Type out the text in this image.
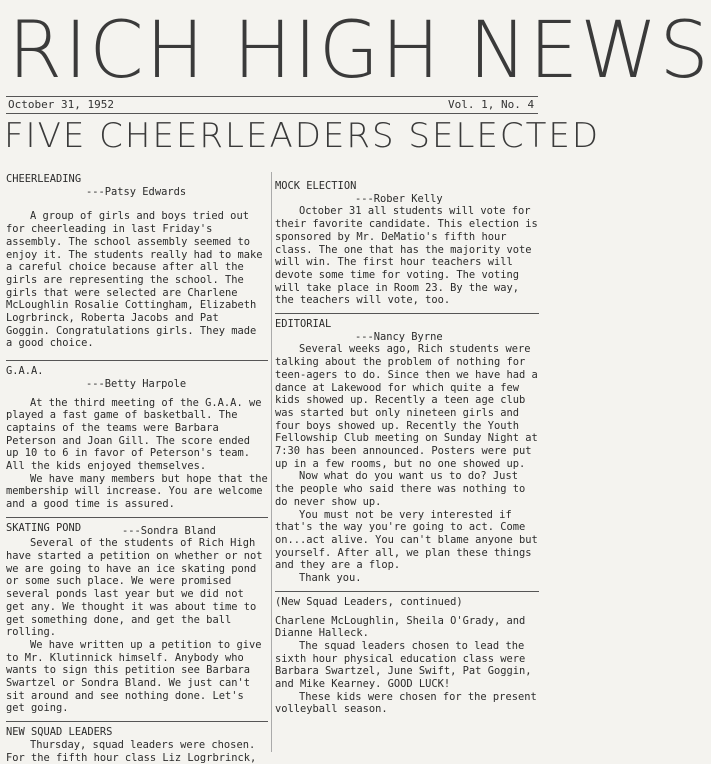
RICH HIGH NEWS
October 31, 1952	Vol. 1, No. 4
FIVE CHEERLEADERS SELECTED
CHEERLEADING
---Patsy Edwards

A group of girls and boys tried out for cheerleading in last Friday's assembly. The school assembly seemed to enjoy it. The students really had to make a careful choice because after all the girls are representing the school. The girls that were selected are Charlene McLoughlin Rosalie Cottingham, Elizabeth Logrbrinck, Roberta Jacobs and Pat Goggin. Congratulations girls. They made a good choice.

G.A.A.
---Betty Harpole

At the third meeting of the G.A.A. we played a fast game of basketball. The captains of the teams were Barbara Peterson and Joan Gill. The score ended up 10 to 6 in favor of Peterson's team. All the kids enjoyed themselves.

We have many members but hope that the membership will increase. You are welcome and a good time is assured.

SKATING POND	---Sondra Bland

Several of the students of Rich High have started a petition on whether or not we are going to have an ice skating pond or some such place. We were promised several ponds last year but we did not get any. We thought it was about time to get something done, and get the ball rolling.

We have written up a petition to give to Mr. Klutinnick himself. Anybody who wants to sign this petition see Barbara Swartzel or Sondra Bland. We just can't sit around and see nothing done. Let's get going.

NEW SQUAD LEADERS

Thursday, squad leaders were chosen. For the fifth hour class Liz Logrbrinck,

MOCK ELECTION
---Rober Kelly

October 31 all students will vote for their favorite candidate. This election is sponsored by Mr. DeMatio's fifth hour class. The one that has the majority vote will win. The first hour teachers will devote some time for voting. The voting will take place in Room 23. By the way, the teachers will vote, too.

EDITORIAL
---Nancy Byrne

Several weeks ago, Rich students were talking about the problem of nothing for teen-agers to do. Since then we have had a dance at Lakewood for which quite a few kids showed up. Recently a teen age club was started but only nineteen girls and four boys showed up. Recently the Youth Fellowship Club meeting on Sunday Night at 7:30 has been announced. Posters were put up in a few rooms, but no one showed up.

Now what do you want us to do? Just the people who said there was nothing to do never show up.

You must not be very interested if that's the way you're going to act. Come on...act alive. You can't blame anyone but yourself. After all, we plan these things and they are a flop.

Thank you.

(New Squad Leaders, continued)

Charlene McLoughlin, Sheila O'Grady, and Dianne Halleck.

The squad leaders chosen to lead the sixth hour physical education class were Barbara Swartzel, June Swift, Pat Goggin, and Mike Kearney. GOOD LUCK!

These kids were chosen for the present volleyball season.
